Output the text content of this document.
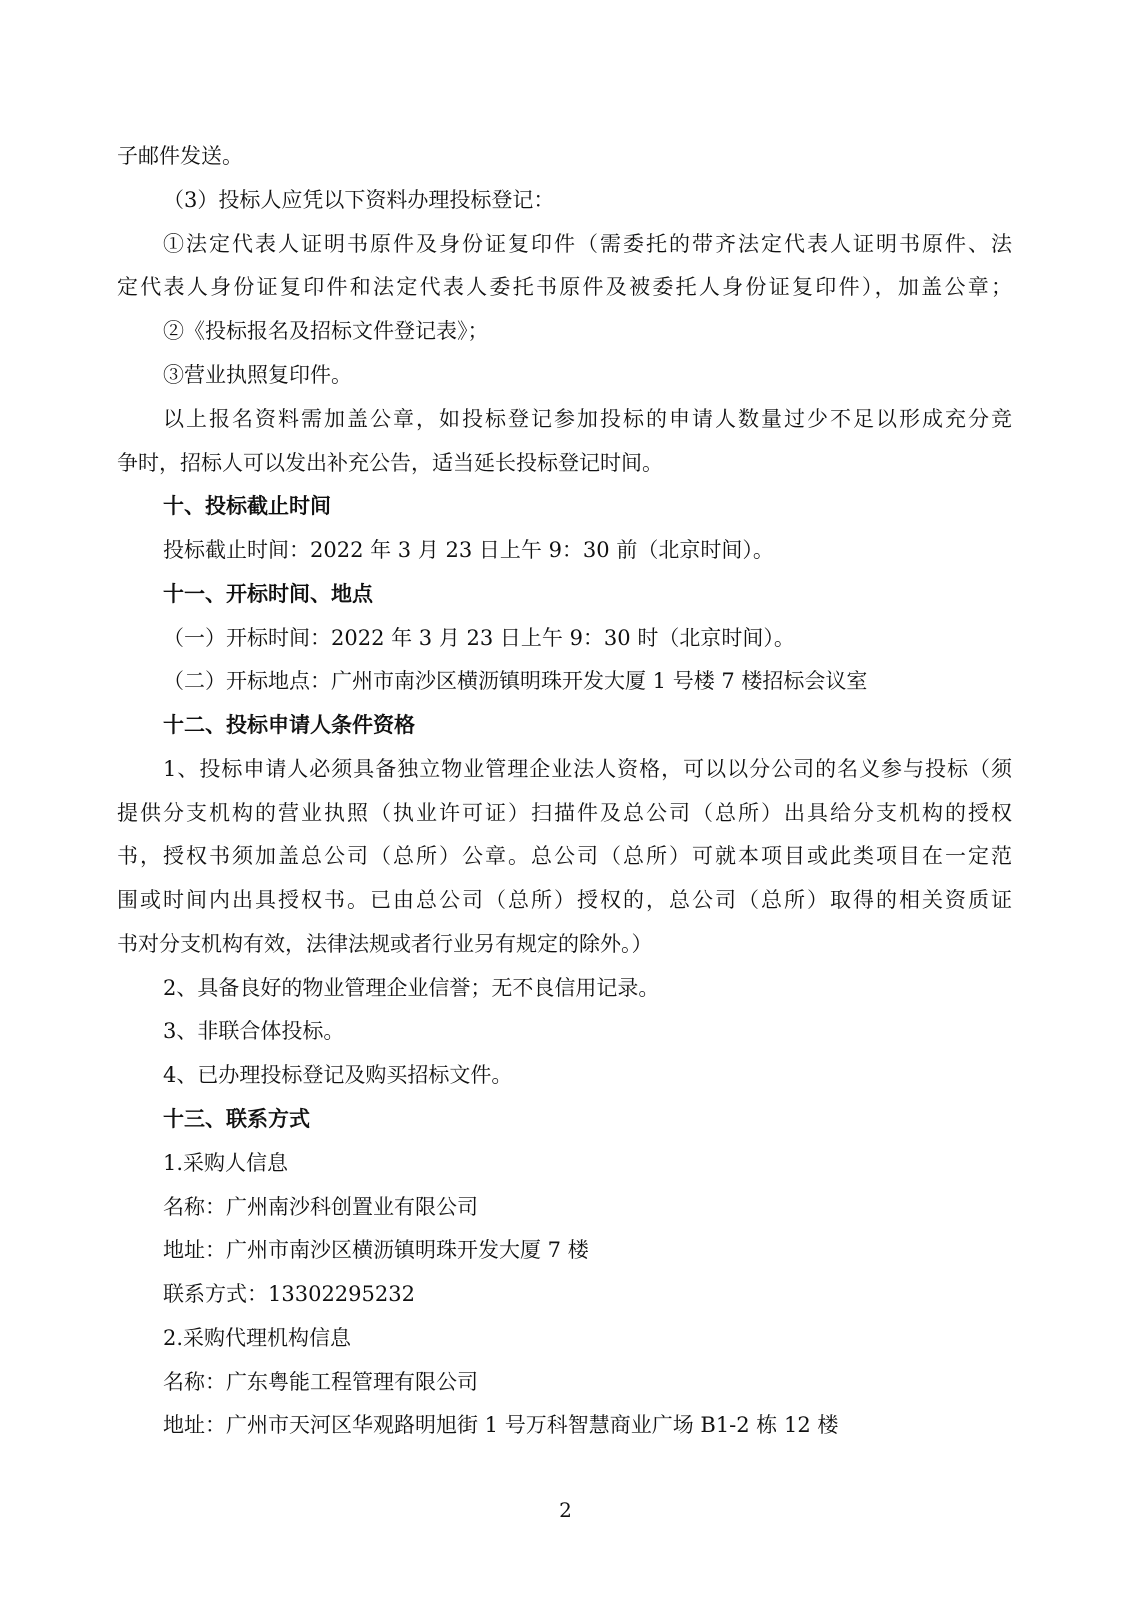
子邮件发送。
（3）投标人应凭以下资料办理投标登记：
①法定代表人证明书原件及身份证复印件（需委托的带齐法定代表人证明书原件、法
定代表人身份证复印件和法定代表人委托书原件及被委托人身份证复印件），加盖公章；
②《投标报名及招标文件登记表》；
③营业执照复印件。
以上报名资料需加盖公章，如投标登记参加投标的申请人数量过少不足以形成充分竞
争时，招标人可以发出补充公告，适当延长投标登记时间。
十、投标截止时间
投标截止时间：2022 年 3 月 23 日上午 9：30 前（北京时间）。
十一、开标时间、地点
（一）开标时间：2022 年 3 月 23 日上午 9：30 时（北京时间）。
（二）开标地点：广州市南沙区横沥镇明珠开发大厦 1 号楼 7 楼招标会议室
十二、投标申请人条件资格
1、投标申请人必须具备独立物业管理企业法人资格，可以以分公司的名义参与投标（须
提供分支机构的营业执照（执业许可证）扫描件及总公司（总所）出具给分支机构的授权
书，授权书须加盖总公司（总所）公章。总公司（总所）可就本项目或此类项目在一定范
围或时间内出具授权书。已由总公司（总所）授权的，总公司（总所）取得的相关资质证
书对分支机构有效，法律法规或者行业另有规定的除外。）
2、具备良好的物业管理企业信誉；无不良信用记录。
3、非联合体投标。
4、已办理投标登记及购买招标文件。
十三、联系方式
1.采购人信息
名称：广州南沙科创置业有限公司
地址：广州市南沙区横沥镇明珠开发大厦 7 楼
联系方式：13302295232
2.采购代理机构信息
名称：广东粤能工程管理有限公司
地址：广州市天河区华观路明旭街 1 号万科智慧商业广场 B1-2 栋 12 楼
2
